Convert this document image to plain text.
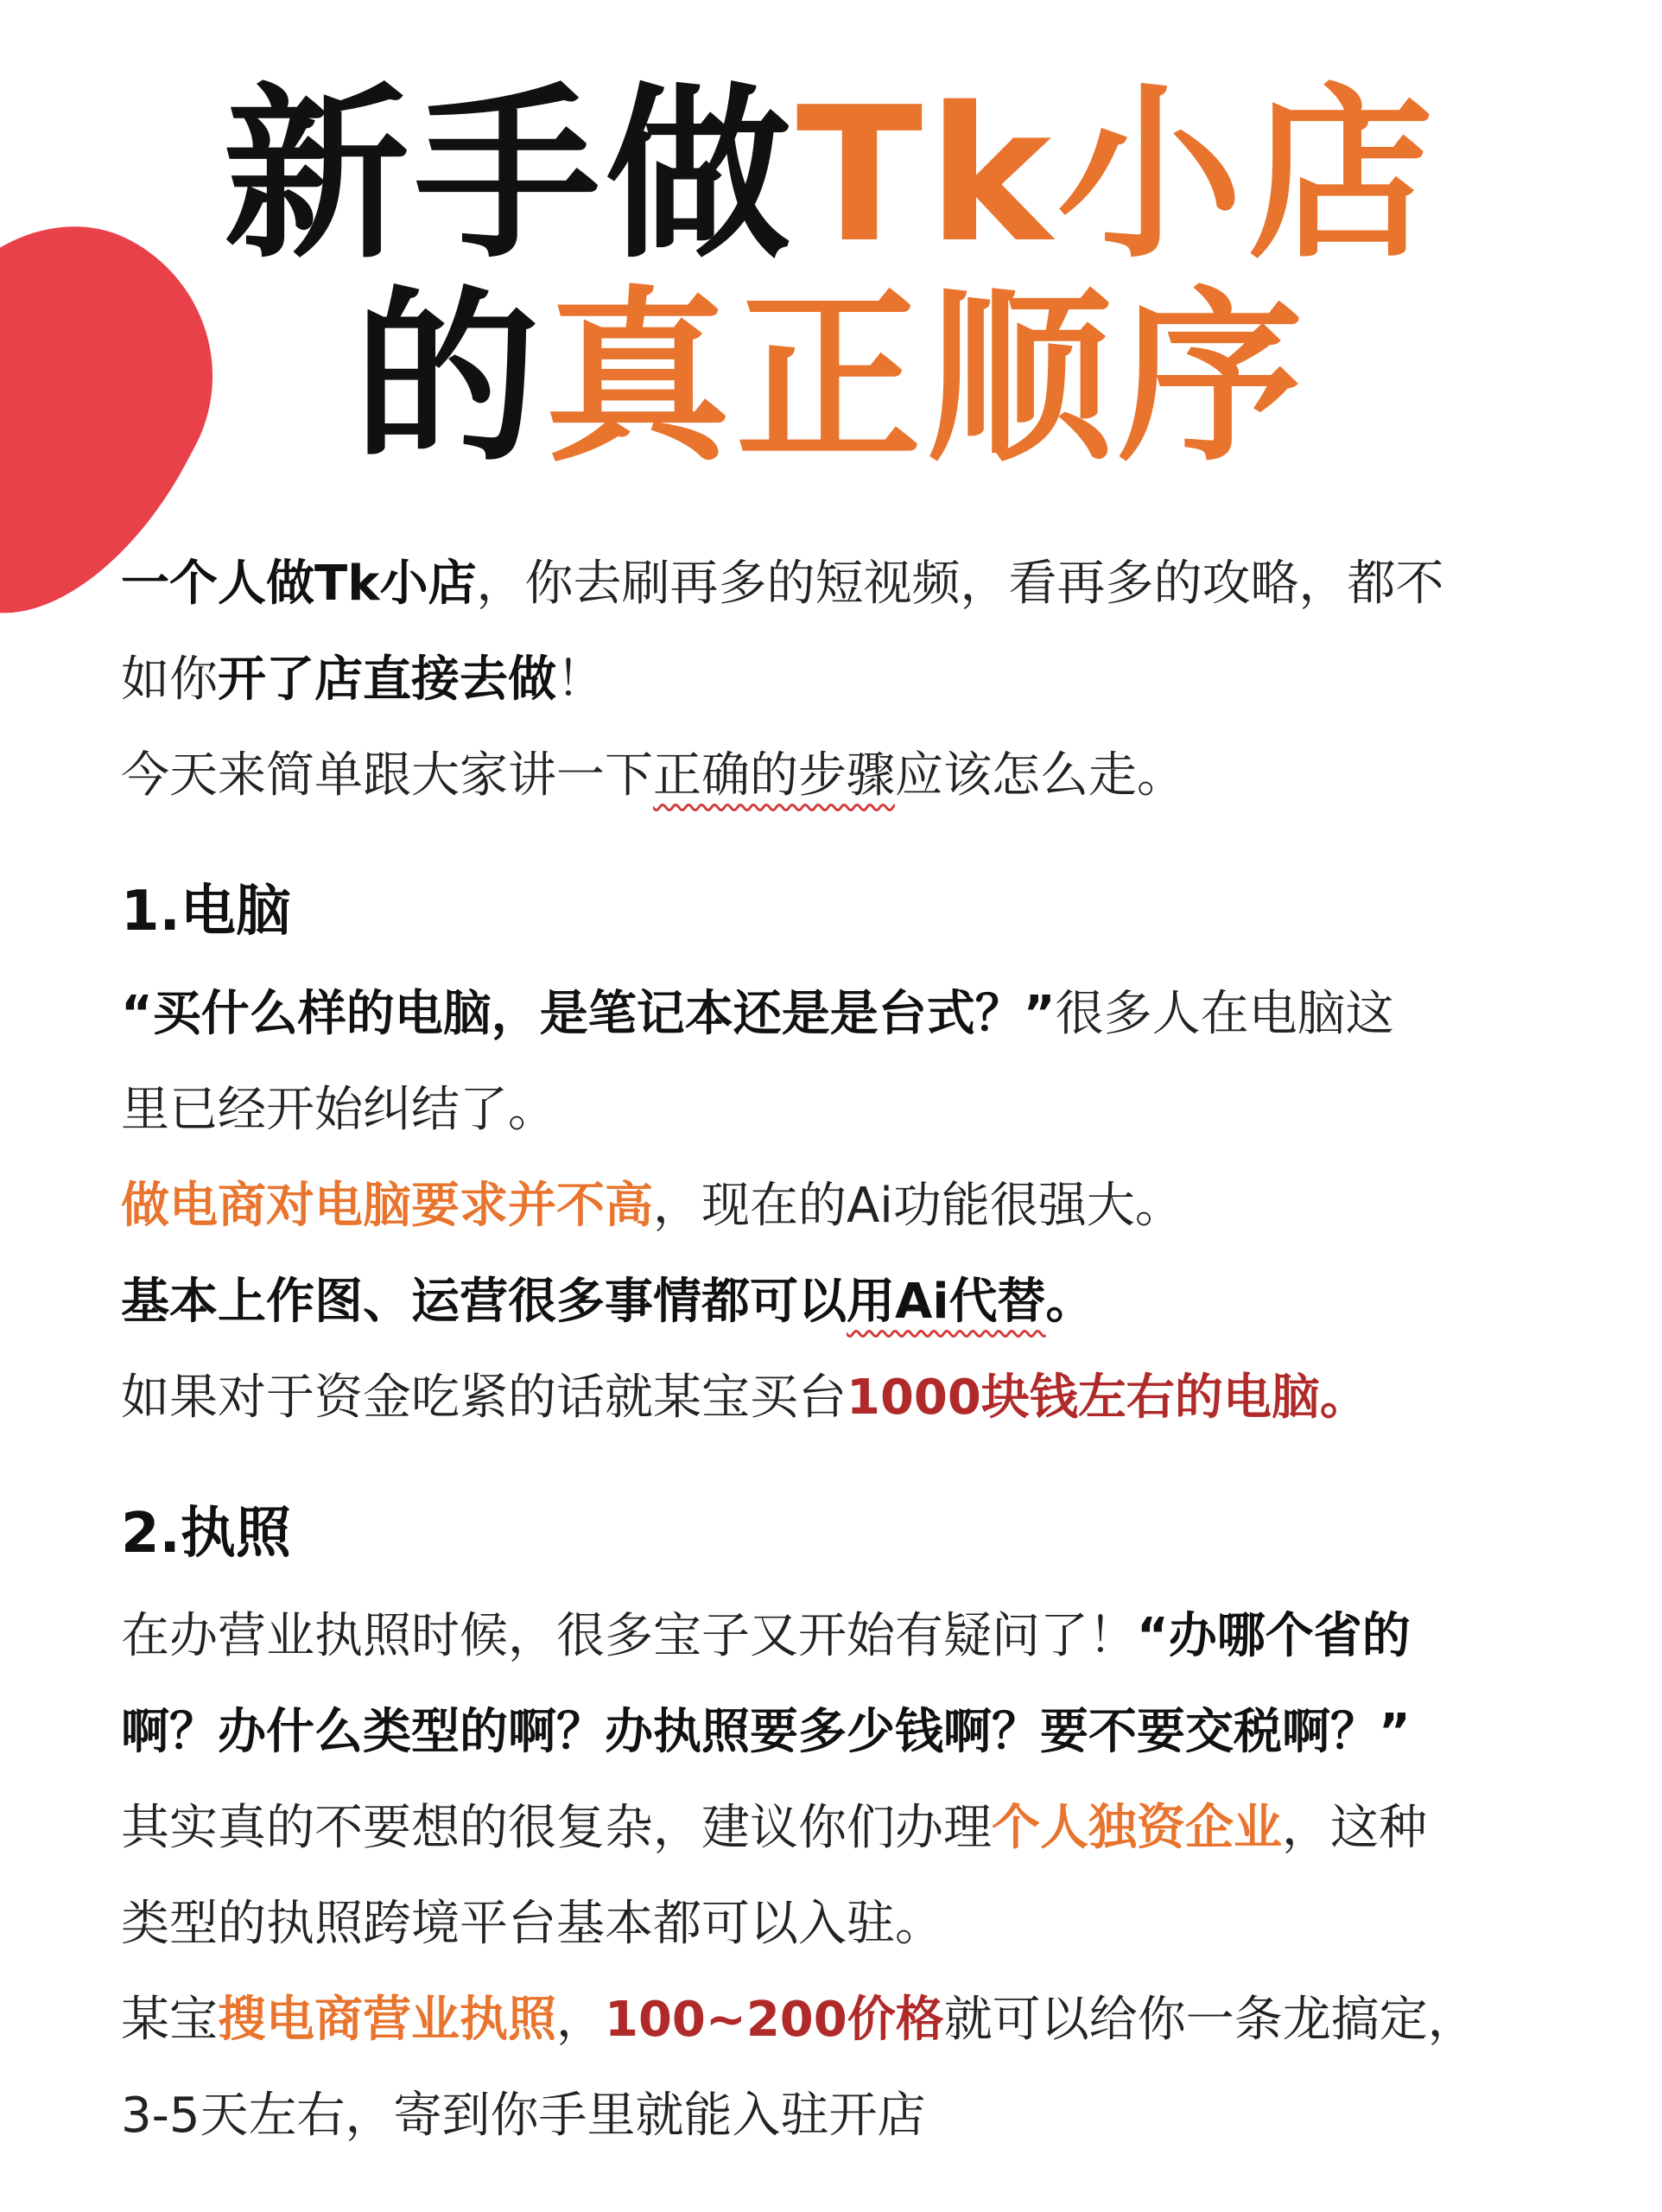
新手做Tk小店
的真正顺序

一个人做Tk小店，你去刷再多的短视频，看再多的攻略，都不

如你开了店直接去做！

今天来简单跟大家讲一下正确的步骤应该怎么走。

1.电脑

“买什么样的电脑，是笔记本还是是台式？”很多人在电脑这

里已经开始纠结了。

做电商对电脑要求并不高，现在的Ai功能很强大。

基本上作图、运营很多事情都可以用Ai代替。

如果对于资金吃紧的话就某宝买台1000块钱左右的电脑。

2.执照

在办营业执照时候，很多宝子又开始有疑问了！“办哪个省的

啊？办什么类型的啊？办执照要多少钱啊？要不要交税啊？”

其实真的不要想的很复杂，建议你们办理个人独资企业，这种

类型的执照跨境平台基本都可以入驻。

某宝搜电商营业执照，100~200价格就可以给你一条龙搞定，

3-5天左右，寄到你手里就能入驻开店
